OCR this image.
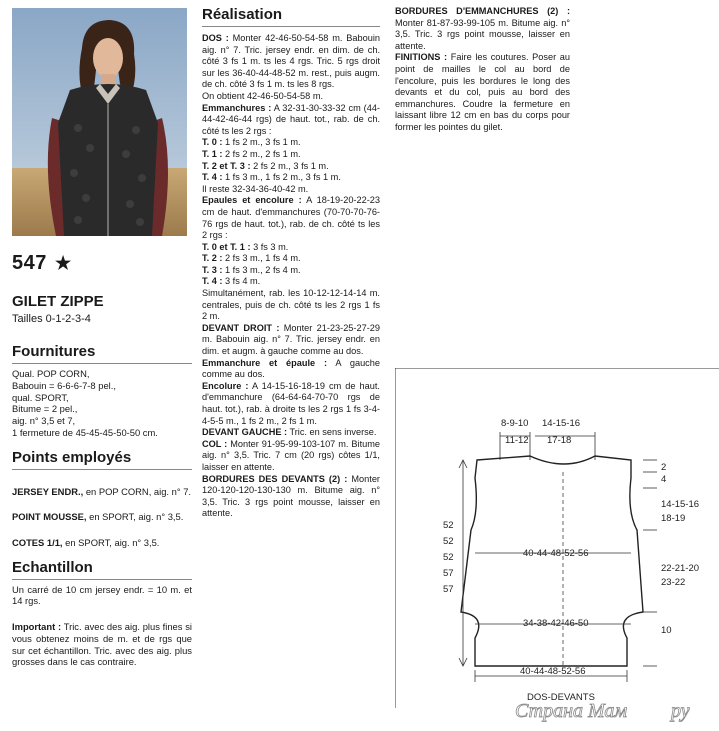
547 ★
GILET ZIPPE
Tailles 0-1-2-3-4
Fournitures
Qual. POP CORN,
Babouin = 6-6-6-7-8 pel.,
qual. SPORT,
Bitume = 2 pel.,
aig. n° 3,5 et 7,
1 fermeture de 45-45-45-50-50 cm.
Points employés

JERSEY ENDR., en POP CORN, aig. n° 7.

POINT MOUSSE, en SPORT, aig. n° 3,5.

COTES 1/1, en SPORT, aig. n° 3,5.

Echantillon
Un carré de 10 cm jersey endr. = 10 m. et 14 rgs.

Important : Tric. avec des aig. plus fines si vous obtenez moins de m. et de rgs que sur cet échantillon. Tric. avec des aig. plus grosses dans le cas contraire.

Réalisation
DOS : Monter 42-46-50-54-58 m. Babouin aig. n° 7. Tric. jersey endr. en dim. de ch. côté 3 fs 1 m. ts les 4 rgs. Tric. 5 rgs droit sur les 36-40-44-48-52 m. rest., puis augm. de ch. côté 3 fs 1 m. ts les 8 rgs.
On obtient 42-46-50-54-58 m.
Emmanchures : A 32-31-30-33-32 cm (44-44-42-46-44 rgs) de haut. tot., rab. de ch. côté ts les 2 rgs :
T. 0 : 1 fs 2 m., 3 fs 1 m.
T. 1 : 2 fs 2 m., 2 fs 1 m.
T. 2 et T. 3 : 2 fs 2 m., 3 fs 1 m.
T. 4 : 1 fs 3 m., 1 fs 2 m., 3 fs 1 m.
Il reste 32-34-36-40-42 m.
Epaules et encolure : A 18-19-20-22-23 cm de haut. d'emmanchures (70-70-70-76-76 rgs de haut. tot.), rab. de ch. côté ts les 2 rgs :
T. 0 et T. 1 : 3 fs 3 m.
T. 2 : 2 fs 3 m., 1 fs 4 m.
T. 3 : 1 fs 3 m., 2 fs 4 m.
T. 4 : 3 fs 4 m.
Simultanément, rab. les 10-12-12-14-14 m. centrales, puis de ch. côté ts les 2 rgs 1 fs 2 m.
DEVANT DROIT : Monter 21-23-25-27-29 m. Babouin aig. n° 7. Tric. jersey endr. en dim. et augm. à gauche comme au dos.
Emmanchure et épaule : A gauche comme au dos.
Encolure : A 14-15-16-18-19 cm de haut. d'emmanchure (64-64-64-70-70 rgs de haut. tot.), rab. à droite ts les 2 rgs 1 fs 3-4-4-5-5 m., 1 fs 2 m., 2 fs 1 m.
DEVANT GAUCHE : Tric. en sens inverse.
COL : Monter 91-95-99-103-107 m. Bitume aig. n° 3,5. Tric. 7 cm (20 rgs) côtes 1/1, laisser en attente.
BORDURES DES DEVANTS (2) : Monter 120-120-120-130-130 m. Bitume aig. n° 3,5. Tric. 3 rgs point mousse, laisser en attente.
BORDURES D'EMMANCHURES (2) : Monter 81-87-93-99-105 m. Bitume aig. n° 3,5. Tric. 3 rgs point mousse, laisser en attente.
FINITIONS : Faire les coutures. Poser au point de mailles le col au bord de l'encolure, puis les bordures le long des devants et du col, puis au bord des emmanchures. Coudre la fermeture en laissant libre 12 cm en bas du corps pour former les pointes du gilet.
8-9-10
11-12
14-15-16
17-18
40-44-48-52-56
34-38-42-46-50
2
4
14-15-16
18-19
22-21-20
23-22
10
52
52
52
57
57
40-44-48-52-56
DOS-DEVANTS
Страна Мам ру
